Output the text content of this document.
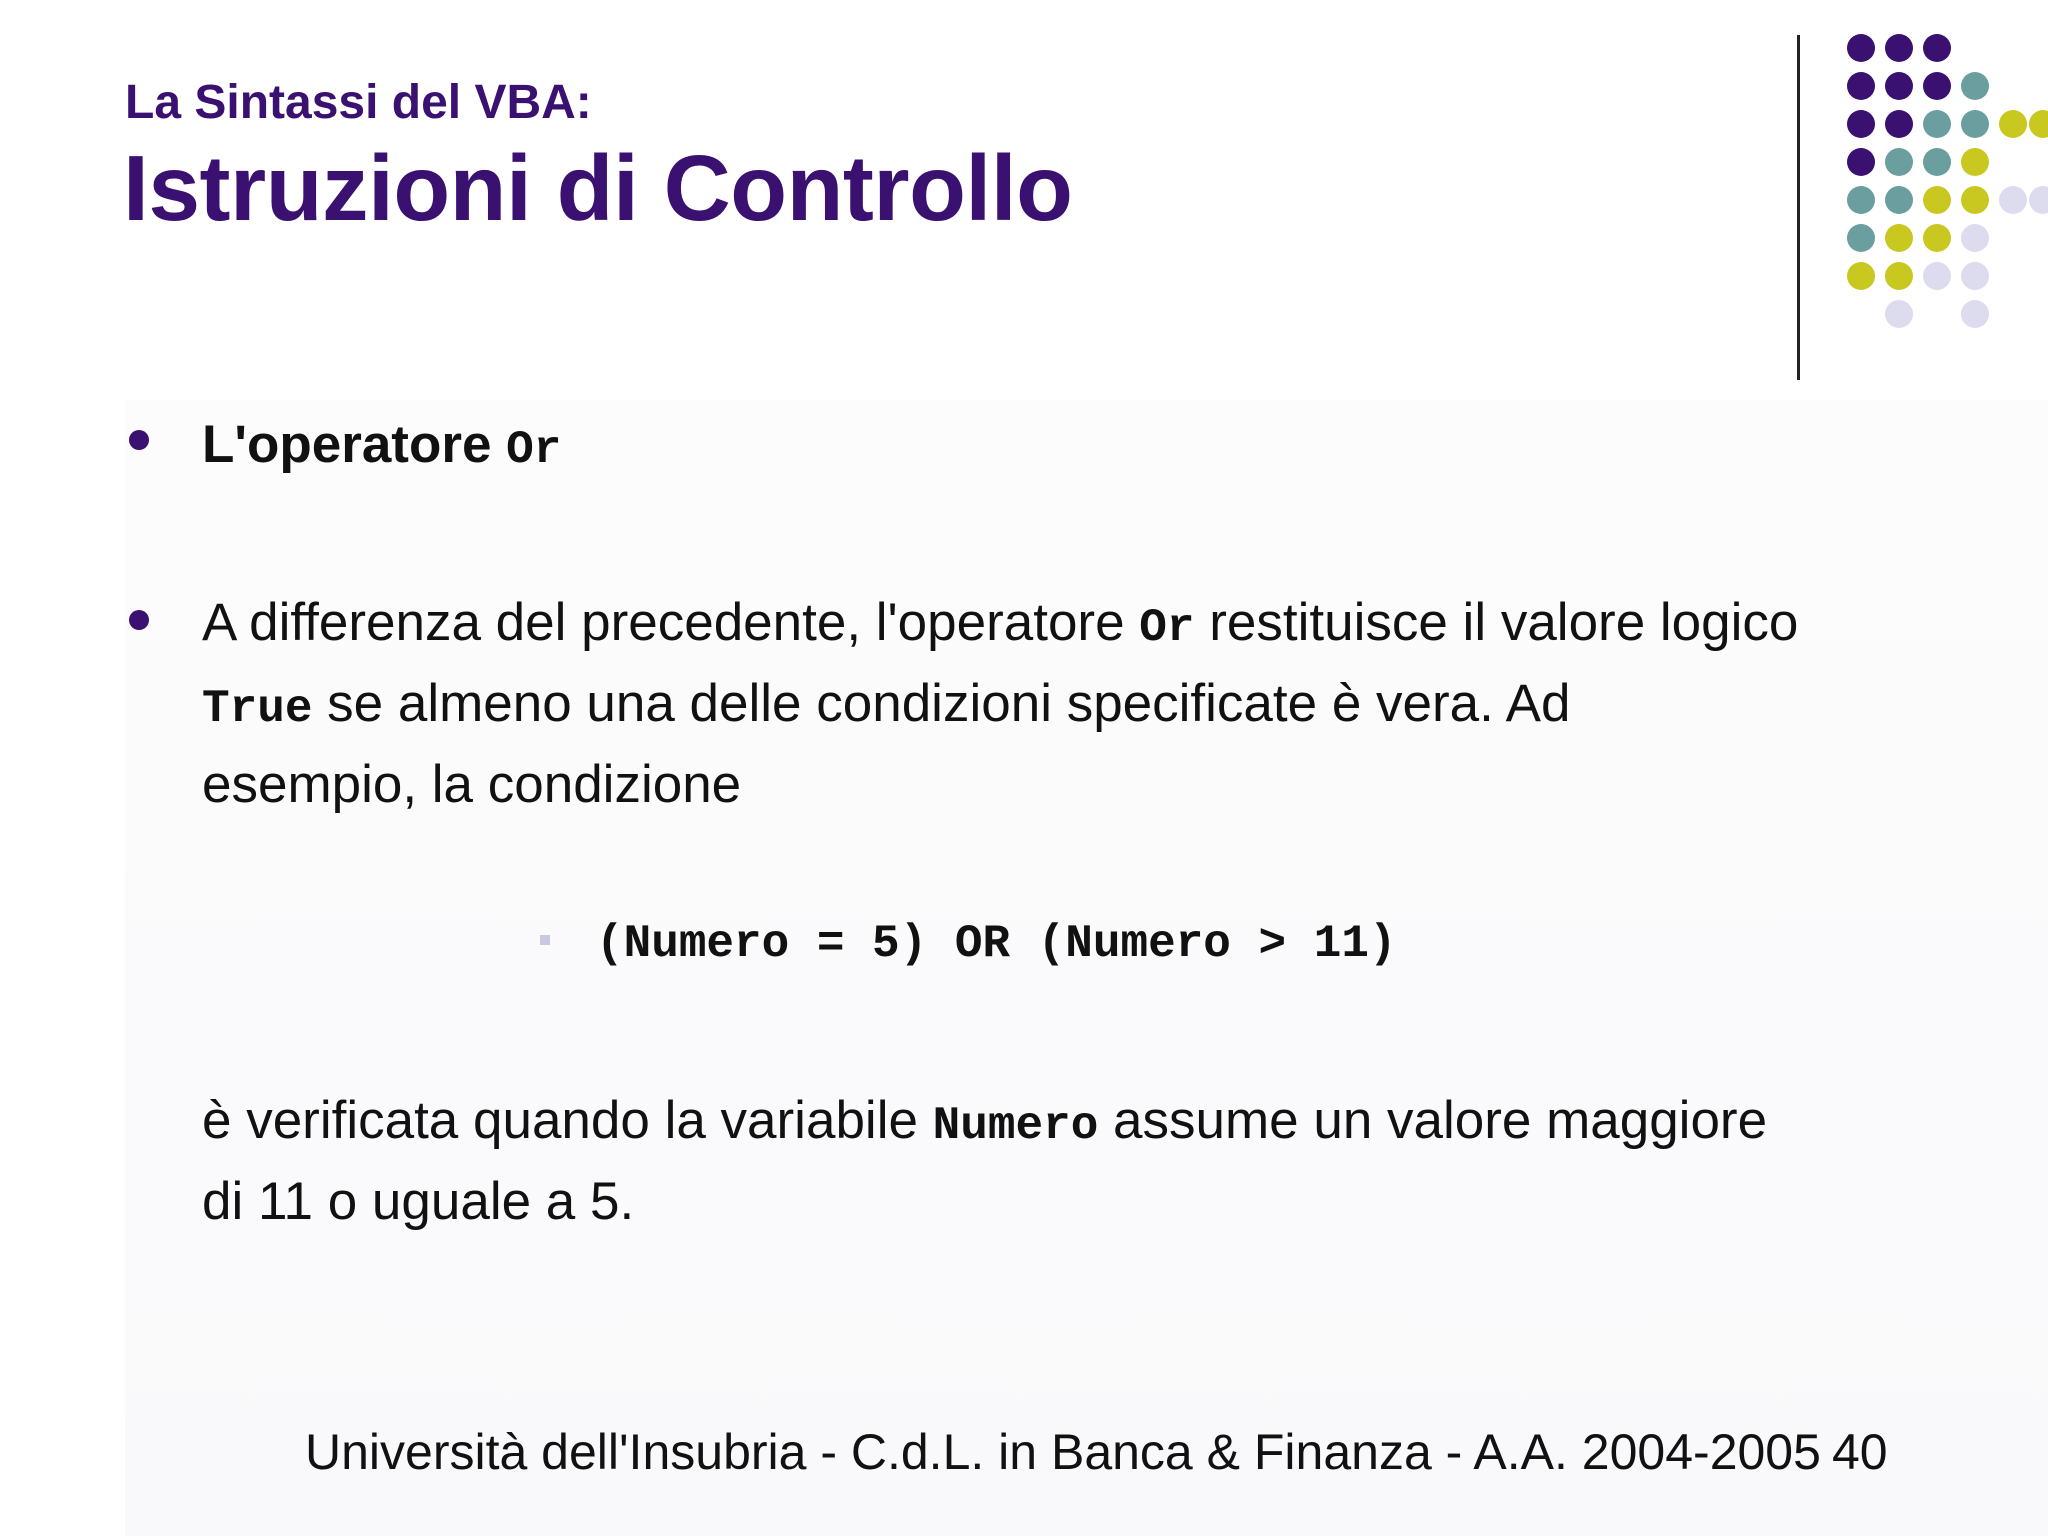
La Sintassi del VBA:
Istruzioni di Controllo
L'operatore Or
A differenza del precedente, l'operatore Or restituisce il valore logico
True se almeno una delle condizioni specificate è vera. Ad
esempio, la condizione
(Numero = 5) OR (Numero > 11)
è verificata quando la variabile Numero assume un valore maggiore
di 11 o uguale a 5.
Università dell'Insubria - C.d.L. in Banca & Finanza - A.A. 2004-2005 40
